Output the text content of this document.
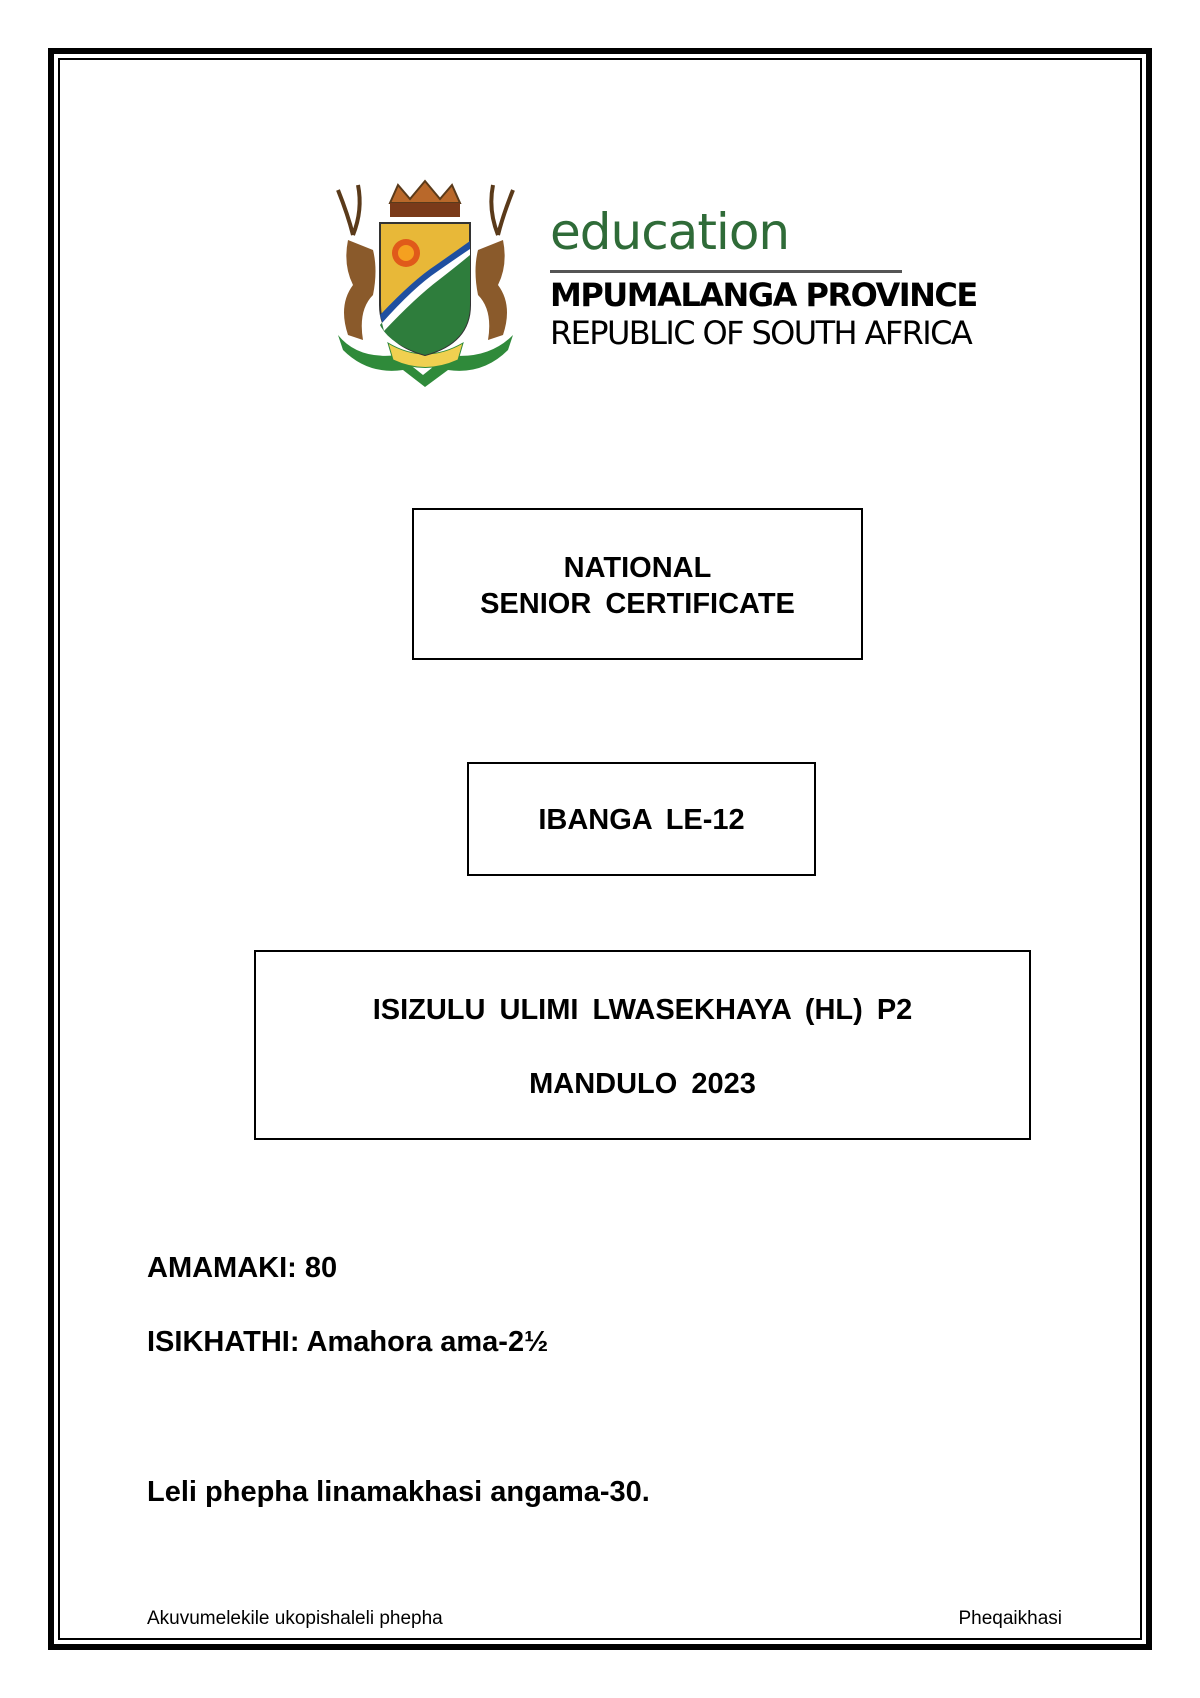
education
MPUMALANGA PROVINCE
REPUBLIC OF SOUTH AFRICA
NATIONAL
SENIOR CERTIFICATE
IBANGA LE-12
ISIZULU ULIMI LWASEKHAYA (HL) P2
MANDULO 2023
AMAMAKI: 80
ISIKHATHI: Amahora ama-2½
Leli phepha linamakhasi angama-30.
Akuvumelekile ukopishaleli phepha	Pheqaikhasi
